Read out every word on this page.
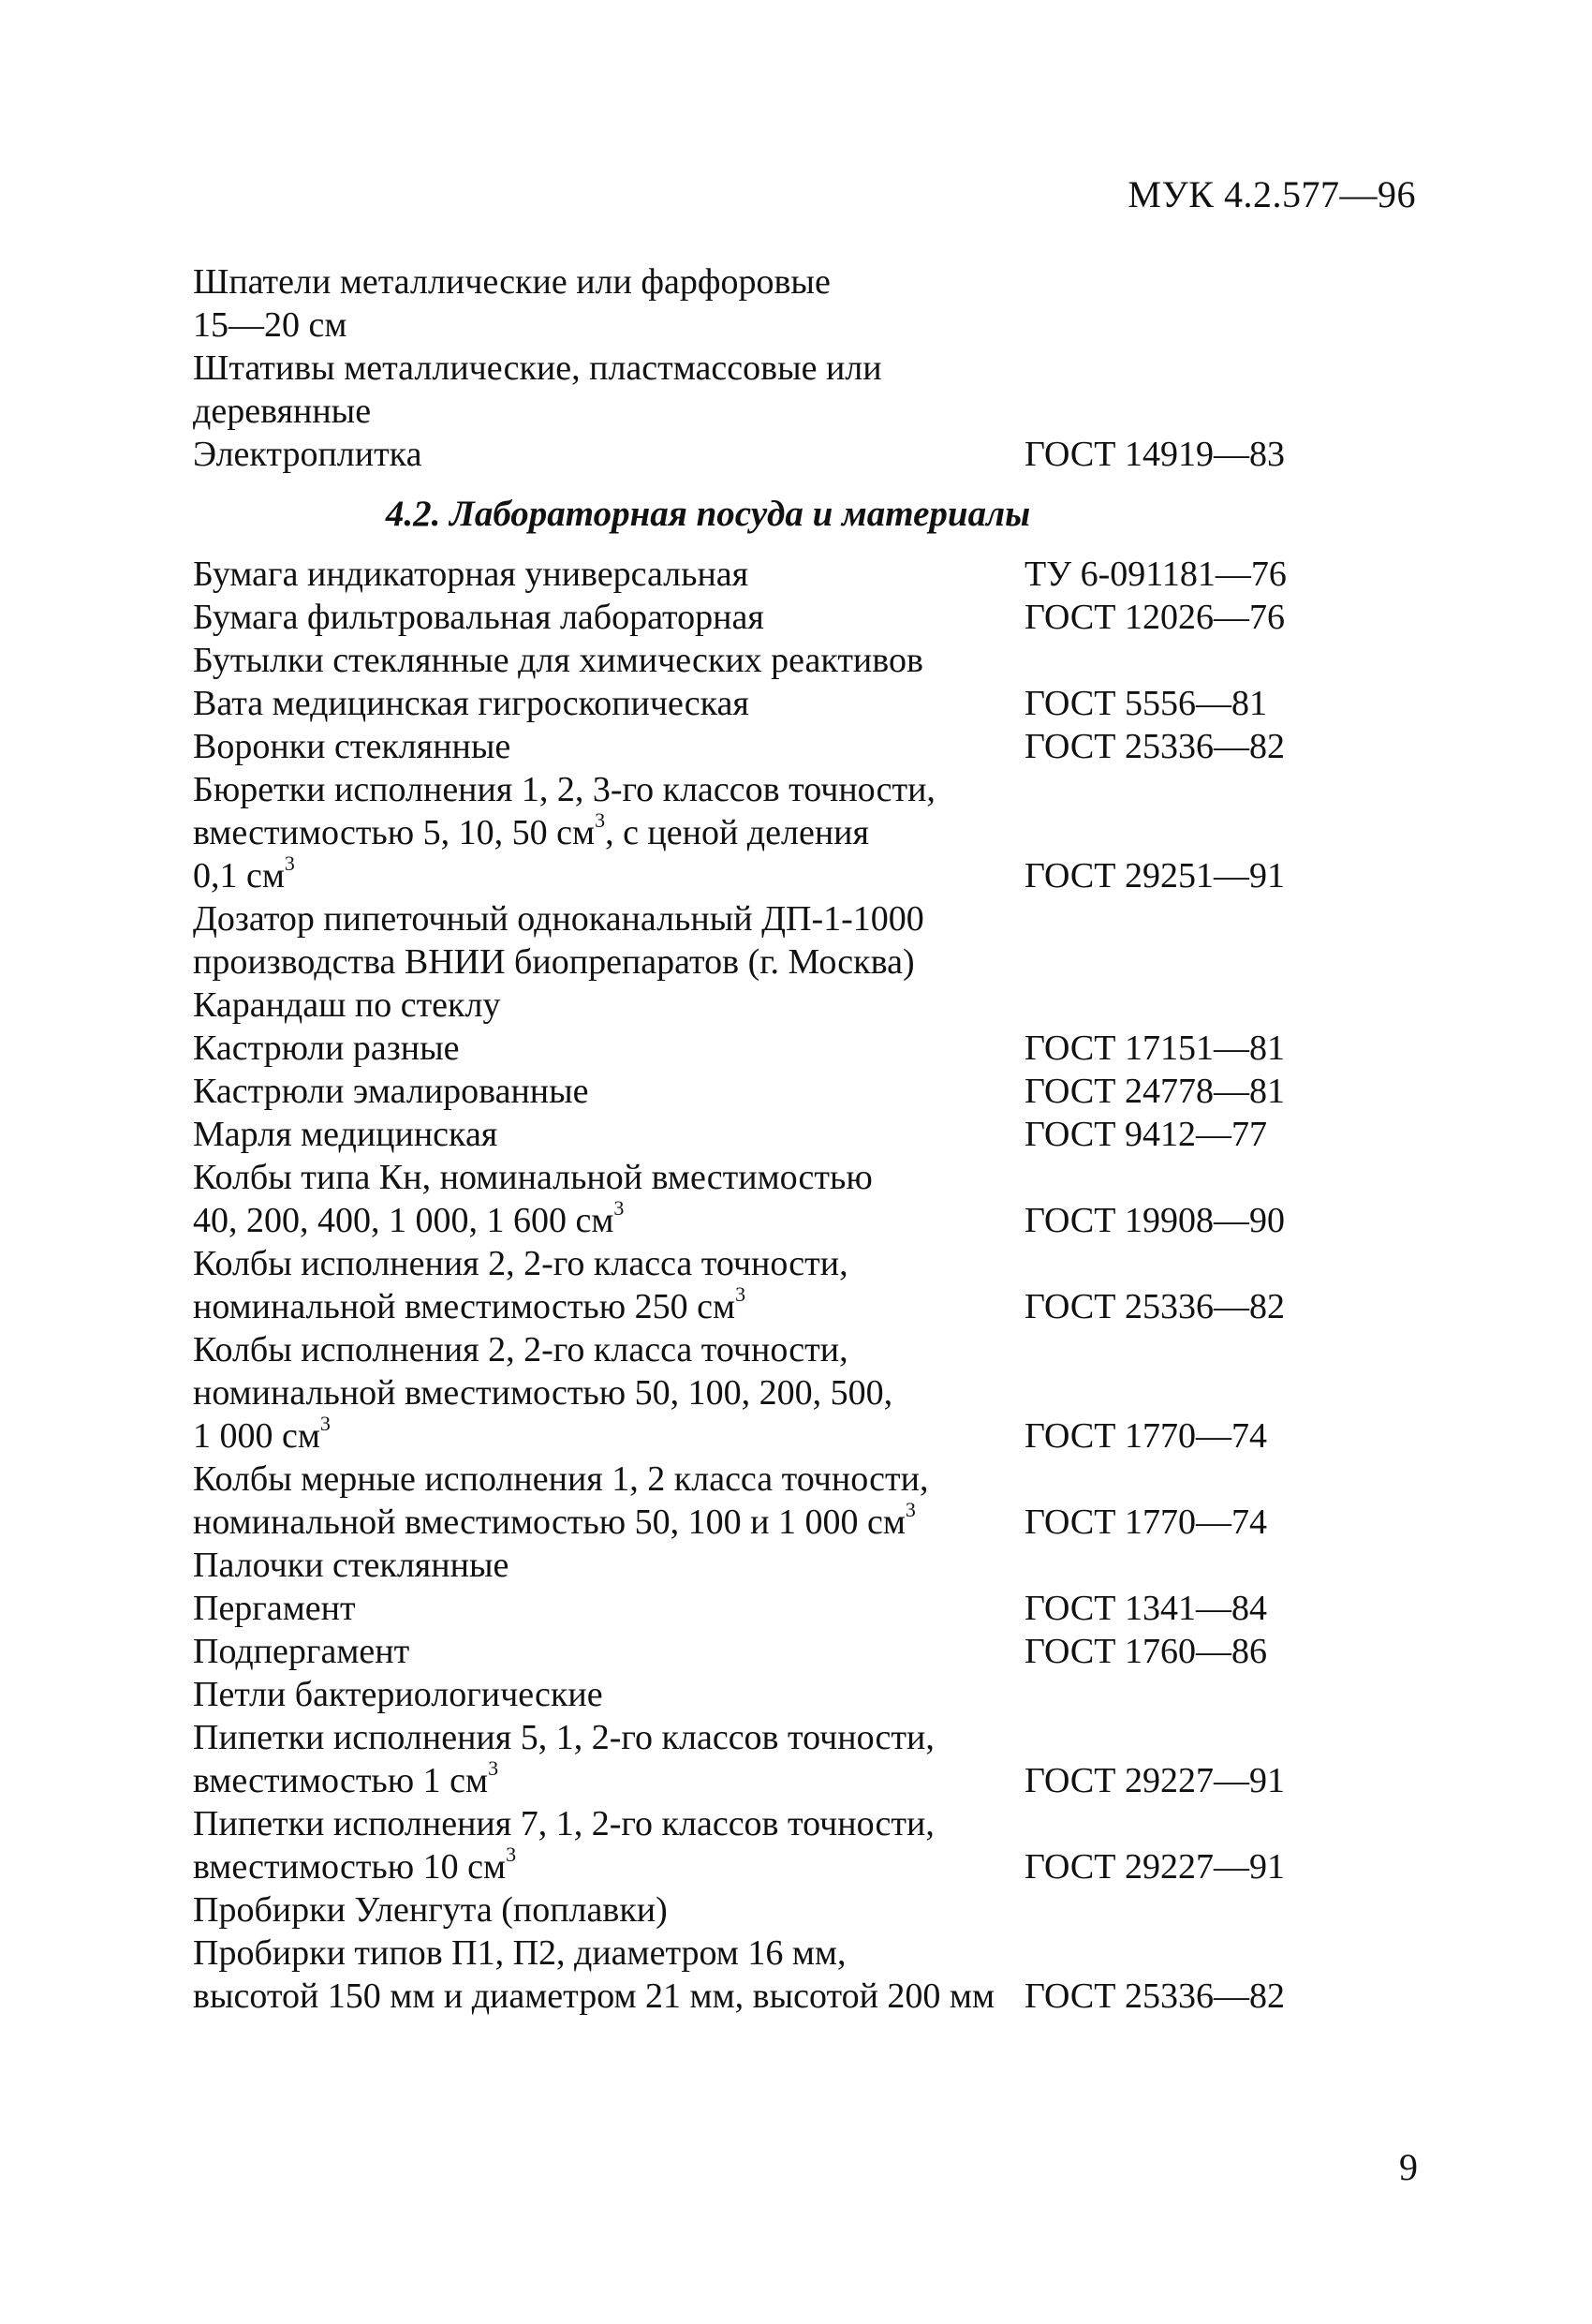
МУК 4.2.577—96
Шпатели металлические или фарфоровые
15—20 см
Штативы металлические, пластмассовые или
деревянные
Электроплитка	ГОСТ 14919—83
4.2. Лабораторная посуда и материалы
Бумага индикаторная универсальная	ТУ 6-091181—76
Бумага фильтровальная лабораторная	ГОСТ 12026—76
Бутылки стеклянные для химических реактивов
Вата медицинская гигроскопическая	ГОСТ 5556—81
Воронки стеклянные	ГОСТ 25336—82
Бюретки исполнения 1, 2, 3-го классов точности,
вместимостью 5, 10, 50 $см^3$, с ценой деления
0,1 $см^3$	ГОСТ 29251—91
Дозатор пипеточный одноканальный ДП-1-1000
производства ВНИИ биопрепаратов (г. Москва)
Карандаш по стеклу
Кастрюли разные	ГОСТ 17151—81
Кастрюли эмалированные	ГОСТ 24778—81
Марля медицинская	ГОСТ 9412—77
Колбы типа Кн, номинальной вместимостью
40, 200, 400, 1 000, 1 600 $см^3$	ГОСТ 19908—90
Колбы исполнения 2, 2-го класса точности,
номинальной вместимостью 250 $см^3$	ГОСТ 25336—82
Колбы исполнения 2, 2-го класса точности,
номинальной вместимостью 50, 100, 200, 500,
1 000 $см^3$	ГОСТ 1770—74
Колбы мерные исполнения 1, 2 класса точности,
номинальной вместимостью 50, 100 и 1 000 $см^3$	ГОСТ 1770—74
Палочки стеклянные
Пергамент	ГОСТ 1341—84
Подпергамент	ГОСТ 1760—86
Петли бактериологические
Пипетки исполнения 5, 1, 2-го классов точности,
вместимостью 1 $см^3$	ГОСТ 29227—91
Пипетки исполнения 7, 1, 2-го классов точности,
вместимостью 10 $см^3$	ГОСТ 29227—91
Пробирки Уленгута (поплавки)
Пробирки типов П1, П2, диаметром 16 мм,
высотой 150 мм и диаметром 21 мм, высотой 200 мм ГОСТ 25336—82
9
